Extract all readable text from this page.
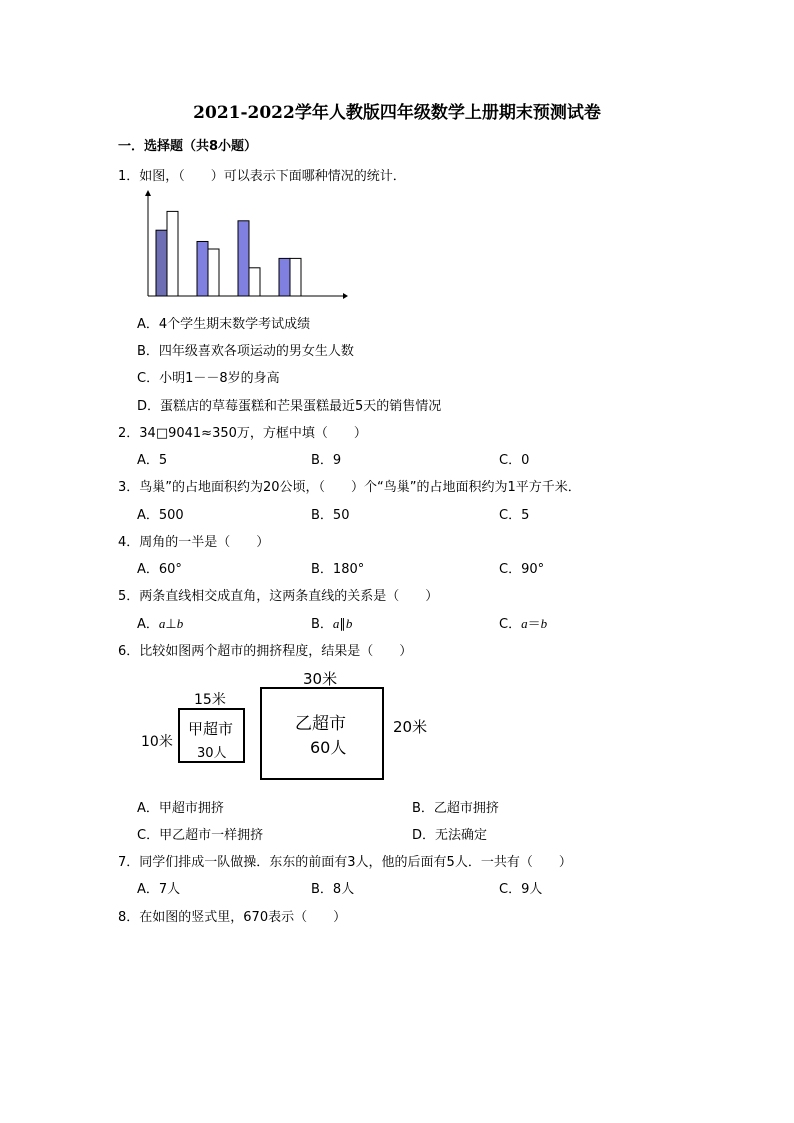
2021-2022学年人教版四年级数学上册期末预测试卷
一．选择题（共8小题）
1．如图，（　　）可以表示下面哪种情况的统计．
A．4个学生期末数学考试成绩
B．四年级喜欢各项运动的男女生人数
C．小明1－－8岁的身高
D．蛋糕店的草莓蛋糕和芒果蛋糕最近5天的销售情况
2．34□9041≈350万，方框中填（　　）
A．5	B．9	C．0
3．鸟巢”的占地面积约为20公顷，（　　）个“鸟巢”的占地面积约为1平方千米．
A．500	B．50	C．5
4．周角的一半是（　　）
A．60°	B．180°	C．90°
5．两条直线相交成直角，这两条直线的关系是（　　）
A．a⊥b	B．a∥b	C．a＝b
6．比较如图两个超市的拥挤程度，结果是（　　）
15米
10米
甲超市
30人
30米
20米
乙超市
60人
A．甲超市拥挤	B．乙超市拥挤
C．甲乙超市一样拥挤	D．无法确定
7．同学们排成一队做操．东东的前面有3人，他的后面有5人．一共有（　　）
A．7人	B．8人	C．9人
8．在如图的竖式里，670表示（　　）
